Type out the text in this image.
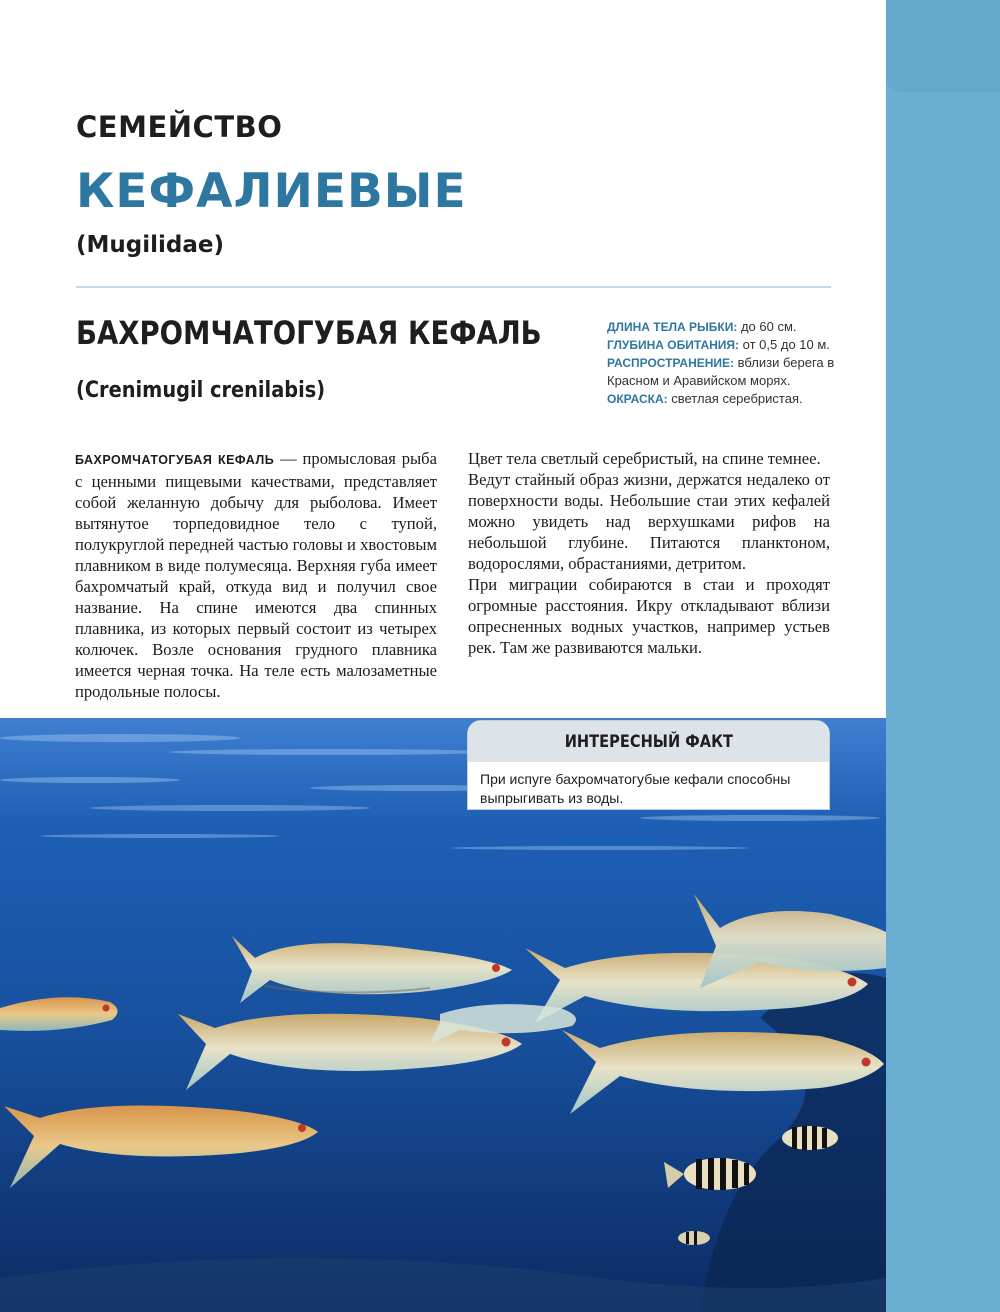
СЕМЕЙСТВО
КЕФАЛИЕВЫЕ
(Mugilidae)
БАХРОМЧАТОГУБАЯ КЕФАЛЬ
(Crenimugil crenilabis)
ДЛИНА ТЕЛА РЫБКИ: до 60 см.
ГЛУБИНА ОБИТАНИЯ: от 0,5 до 10 м.
РАСПРОСТРАНЕНИЕ: вблизи берега в Красном и Аравийском морях.
ОКРАСКА: светлая серебристая.

БАХРОМЧАТОГУБАЯ КЕФАЛЬ — промысловая рыба с ценными пищевыми качествами, представляет собой желанную добычу для рыболова. Имеет вытянутое торпедовидное тело с тупой, полукруглой передней частью головы и хвостовым плавником в виде полумесяца. Верхняя губа имеет бахромчатый край, откуда вид и получил свое название. На спине имеются два спинных плавника, из которых первый состоит из четырех колючек. Возле основания грудного плавника имеется черная точка. На теле есть малозаметные продольные полосы.

Цвет тела светлый серебристый, на спине темнее.

Ведут стайный образ жизни, держатся недалеко от поверхности воды. Небольшие стаи этих кефалей можно увидеть над верхушками рифов на небольшой глубине. Питаются планктоном, водорослями, обрастаниями, детритом.

При миграции собираются в стаи и проходят огромные расстояния. Икру откладывают вблизи опресненных водных участков, например устьев рек. Там же развиваются мальки.

ИНТЕРЕСНЫЙ ФАКТ
При испуге бахромчатогубые кефали способны выпрыгивать из воды.
